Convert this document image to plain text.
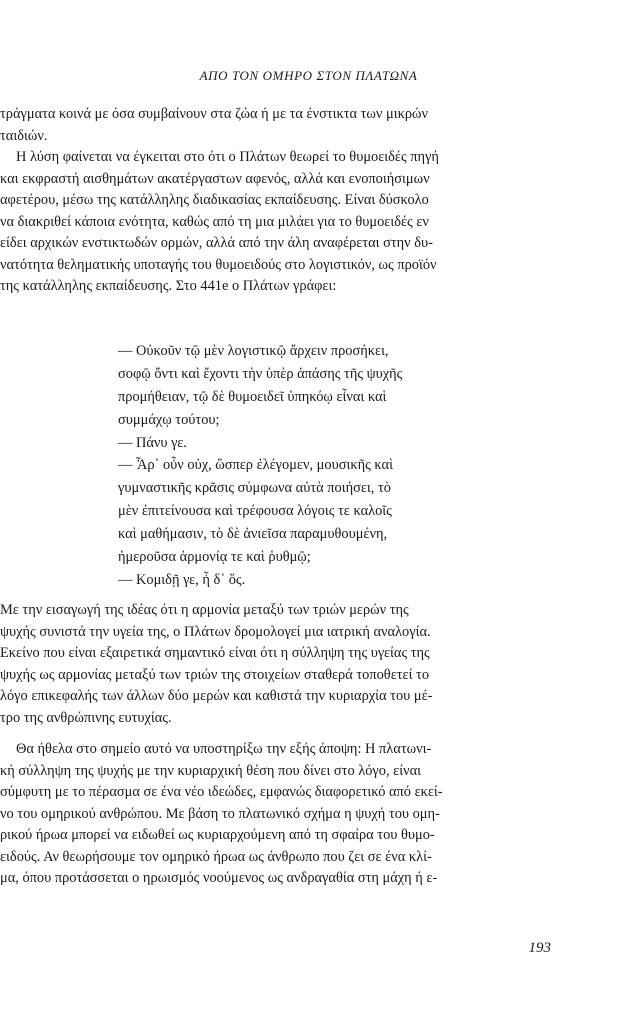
ΑΠΟ ΤΟΝ ΟΜΗΡΟ ΣΤΟΝ ΠΛΑΤΩΝΑ
τράγματα κοινά με όσα συμβαίνουν στα ζώα ή με τα ένστικτα των μικρών
ταιδιών.
Η λύση φαίνεται να έγκειται στο ότι ο Πλάτων θεωρεί το θυμοειδές πηγή
και εκφραστή αισθημάτων ακατέργαστων αφενός, αλλά και ενοποιήσιμων
αφετέρου, μέσω της κατάλληλης διαδικασίας εκπαίδευσης. Είναι δύσκολο
να διακριθεί κάποια ενότητα, καθώς από τη μια μιλάει για το θυμοειδές εν
είδει αρχικών ενστικτωδών ορμών, αλλά από την άλη αναφέρεται στην δυ-
νατότητα θεληματικής υποταγής του θυμοειδούς στο λογιστικόν, ως προϊόν
της κατάλληλης εκπαίδευσης. Στο 441e ο Πλάτων γράφει:
— Οὐκοῦν τῷ μὲν λογιστικῷ ἄρχειν προσήκει,
σοφῷ ὄντι καὶ ἔχοντι τὴν ὑπὲρ ἁπάσης τῆς ψυχῆς
προμήθειαν, τῷ δὲ θυμοειδεῖ ὑπηκόῳ εἶναι καὶ
συμμάχῳ τούτου;
— Πάνυ γε.
— Ἆρ᾽ οὖν οὐχ, ὥσπερ ἐλέγομεν, μουσικῆς καὶ
γυμναστικῆς κρᾶσις σύμφωνα αὐτὰ ποιήσει, τὸ
μὲν ἐπιτείνουσα καὶ τρέφουσα λόγοις τε καλοῖς
καὶ μαθήμασιν, τὸ δὲ ἀνιεῖσα παραμυθουμένη,
ἡμεροῦσα ἁρμονίᾳ τε καὶ ῥυθμῷ;
— Κομιδῇ γε, ἦ δ᾽ ὅς.
Με την εισαγωγή της ιδέας ότι η αρμονία μεταξύ των τριών μερών της
ψυχής συνιστά την υγεία της, ο Πλάτων δρομολογεί μια ιατρική αναλογία.
Εκείνο που είναι εξαιρετικά σημαντικό είναι ότι η σύλληψη της υγείας της
ψυχής ως αρμονίας μεταξύ των τριών της στοιχείων σταθερά τοποθετεί το
λόγο επικεφαλής των άλλων δύο μερών και καθιστά την κυριαρχία του μέ-
τρο της ανθρώπινης ευτυχίας.
Θα ήθελα στο σημείο αυτό να υποστηρίξω την εξής άποψη: Η πλατωνι-
κή σύλληψη της ψυχής με την κυριαρχική θέση που δίνει στο λόγο, είναι
σύμφυτη με το πέρασμα σε ένα νέο ιδεώδες, εμφανώς διαφορετικό από εκεί-
νο του ομηρικού ανθρώπου. Με βάση το πλατωνικό σχήμα η ψυχή του ομη-
ρικού ήρωα μπορεί να ειδωθεί ως κυριαρχούμενη από τη σφαίρα του θυμο-
ειδούς. Αν θεωρήσουμε τον ομηρικό ήρωα ως άνθρωπο που ζει σε ένα κλί-
μα, όπου προτάσσεται ο ηρωισμός νοούμενος ως ανδραγαθία στη μάχη ή ε-
193
